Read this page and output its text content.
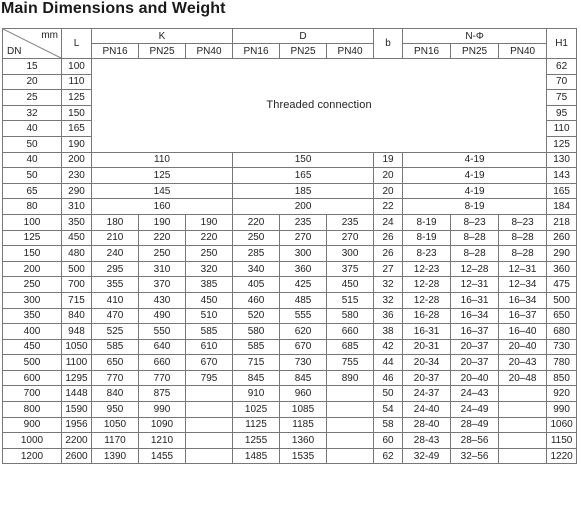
Main Dimensions and Weight
mm
DN	L	K			D			b	N-Φ			H1
		PN16	PN25	PN40	PN16	PN25	PN40		PN16	PN25	PN40	
15	100	Threaded connection										62
20	110											70
25	125											75
32	150											95
40	165											110
50	190											125
40	200	110			150			19	4-19			130
50	230	125			165			20	4-19			143
65	290	145			185			20	4-19			165
80	310	160			200			22	8-19			184
100	350	180	190	190	220	235	235	24	8-19	8–23	8–23	218
125	450	210	220	220	250	270	270	26	8-19	8–28	8–28	260
150	480	240	250	250	285	300	300	26	8-23	8–28	8–28	290
200	500	295	310	320	340	360	375	27	12-23	12–28	12–31	360
250	700	355	370	385	405	425	450	32	12-28	12–31	12–34	475
300	715	410	430	450	460	485	515	32	12-28	16–31	16–34	500
350	840	470	490	510	520	555	580	36	16-28	16–34	16–37	650
400	948	525	550	585	580	620	660	38	16-31	16–37	16–40	680
450	1050	585	640	610	585	670	685	42	20-31	20–37	20–40	730
500	1100	650	660	670	715	730	755	44	20-34	20–37	20–43	780
600	1295	770	770	795	845	845	890	46	20-37	20–40	20–48	850
700	1448	840	875		910	960		50	24-37	24–43		920
800	1590	950	990		1025	1085		54	24-40	24–49		990
900	1956	1050	1090		1125	1185		58	28-40	28–49		1060
1000	2200	1170	1210		1255	1360		60	28-43	28–56		1150
1200	2600	1390	1455		1485	1535		62	32-49	32–56		1220
